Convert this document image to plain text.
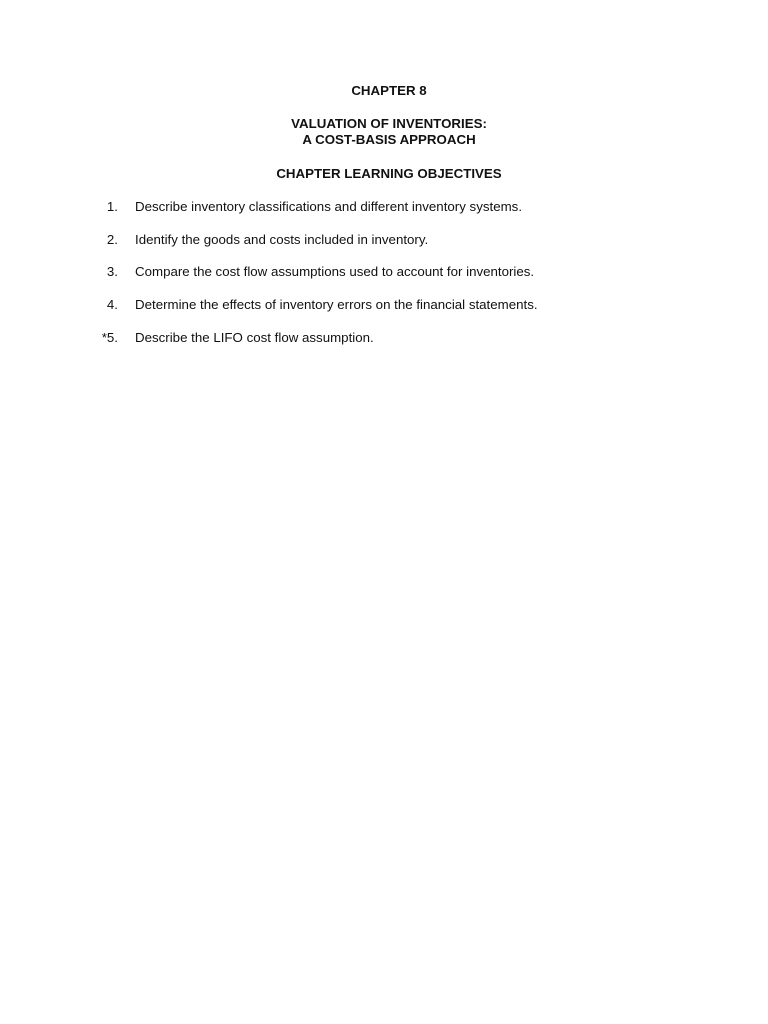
CHAPTER 8
VALUATION OF INVENTORIES:
A COST-BASIS APPROACH
CHAPTER LEARNING OBJECTIVES
1. Describe inventory classifications and different inventory systems.
2. Identify the goods and costs included in inventory.
3. Compare the cost flow assumptions used to account for inventories.
4. Determine the effects of inventory errors on the financial statements.
*5. Describe the LIFO cost flow assumption.
